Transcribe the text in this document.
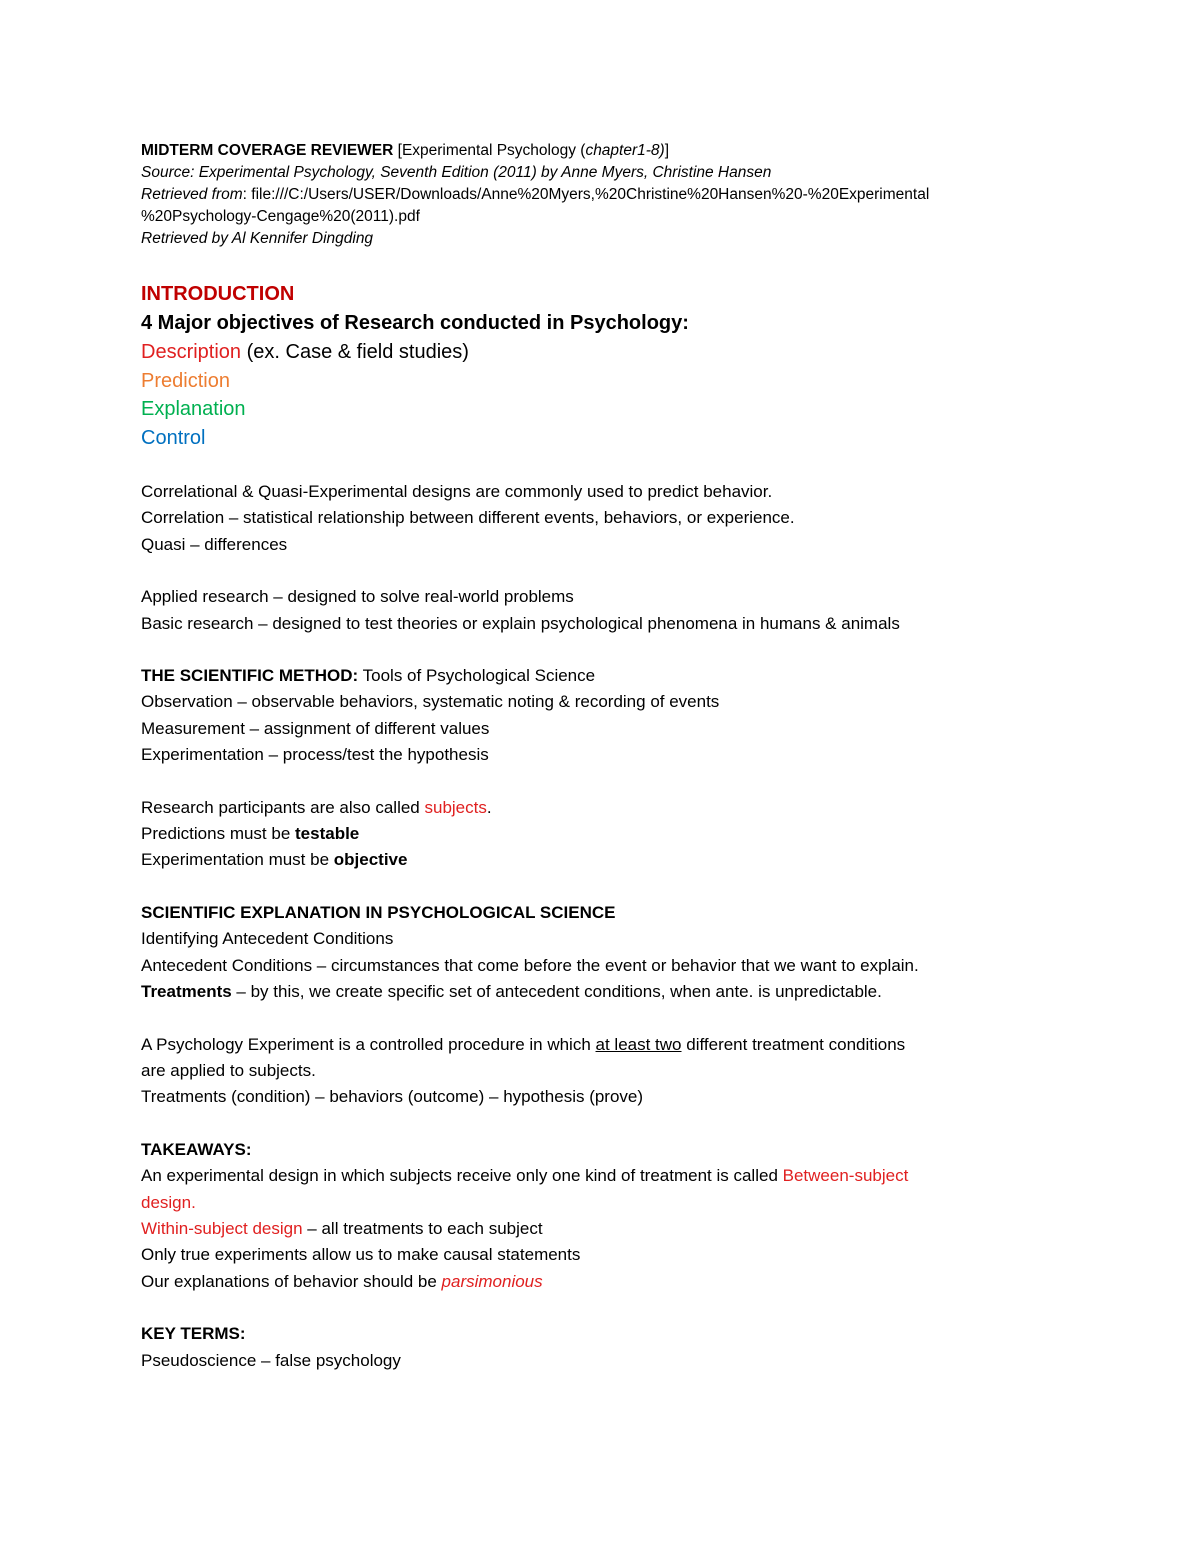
MIDTERM COVERAGE REVIEWER [Experimental Psychology (chapter1-8)]
Source: Experimental Psychology, Seventh Edition (2011) by Anne Myers, Christine Hansen
Retrieved from: file:///C:/Users/USER/Downloads/Anne%20Myers,%20Christine%20Hansen%20-%20Experimental
%20Psychology-Cengage%20(2011).pdf
Retrieved by Al Kennifer Dingding
INTRODUCTION
4 Major objectives of Research conducted in Psychology:
Description (ex. Case & field studies)
Prediction
Explanation
Control
Correlational & Quasi-Experimental designs are commonly used to predict behavior.
Correlation – statistical relationship between different events, behaviors, or experience.
Quasi – differences
Applied research – designed to solve real-world problems
Basic research – designed to test theories or explain psychological phenomena in humans & animals
THE SCIENTIFIC METHOD: Tools of Psychological Science
Observation – observable behaviors, systematic noting & recording of events
Measurement – assignment of different values
Experimentation – process/test the hypothesis
Research participants are also called subjects.
Predictions must be testable
Experimentation must be objective
SCIENTIFIC EXPLANATION IN PSYCHOLOGICAL SCIENCE
Identifying Antecedent Conditions
Antecedent Conditions – circumstances that come before the event or behavior that we want to explain.
Treatments – by this, we create specific set of antecedent conditions, when ante. is unpredictable.
A Psychology Experiment is a controlled procedure in which at least two different treatment conditions
are applied to subjects.
Treatments (condition) – behaviors (outcome) – hypothesis (prove)
TAKEAWAYS:
An experimental design in which subjects receive only one kind of treatment is called Between-subject
design.
Within-subject design – all treatments to each subject
Only true experiments allow us to make causal statements
Our explanations of behavior should be parsimonious
KEY TERMS:
Pseudoscience – false psychology
